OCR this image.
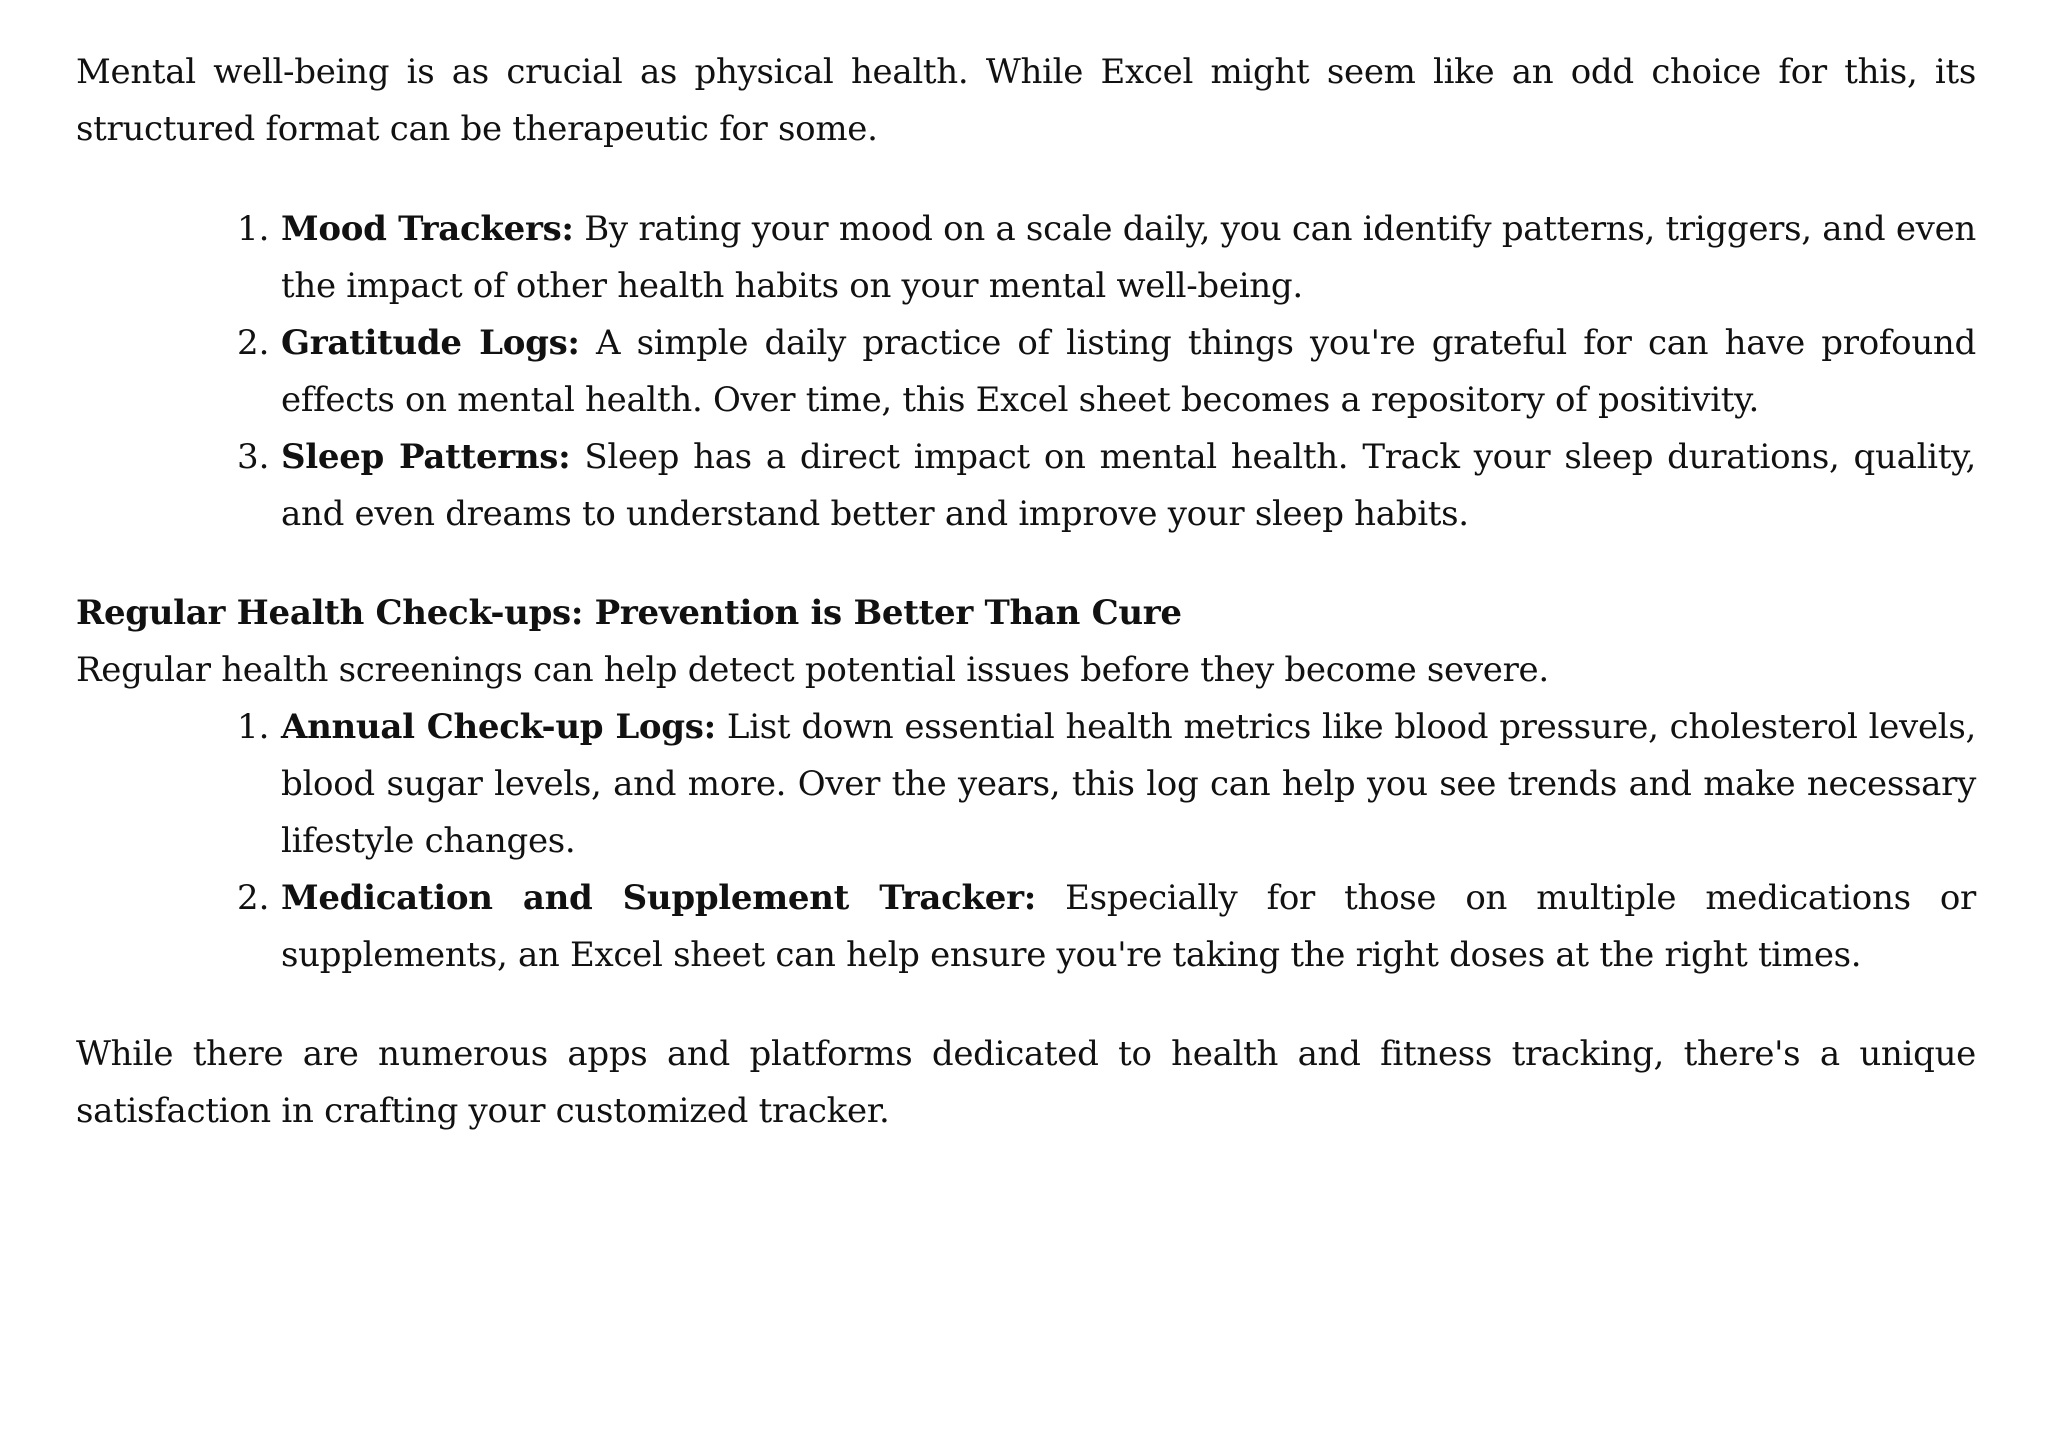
Mental well-being is as crucial as physical health. While Excel might seem like an odd choice for this, its structured format can be therapeutic for some.

1. Mood Trackers: By rating your mood on a scale daily, you can identify patterns, triggers, and even the impact of other health habits on your mental well-being.
2. Gratitude Logs: A simple daily practice of listing things you're grateful for can have profound effects on mental health. Over time, this Excel sheet becomes a repository of positivity.
3. Sleep Patterns: Sleep has a direct impact on mental health. Track your sleep durations, quality, and even dreams to understand better and improve your sleep habits.
Regular Health Check-ups: Prevention is Better Than Cure

Regular health screenings can help detect potential issues before they become severe.

1. Annual Check-up Logs: List down essential health metrics like blood pressure, cholesterol levels, blood sugar levels, and more. Over the years, this log can help you see trends and make necessary lifestyle changes.
2. Medication and Supplement Tracker: Especially for those on multiple medications or supplements, an Excel sheet can help ensure you're taking the right doses at the right times.

While there are numerous apps and platforms dedicated to health and fitness tracking, there's a unique satisfaction in crafting your customized tracker.
